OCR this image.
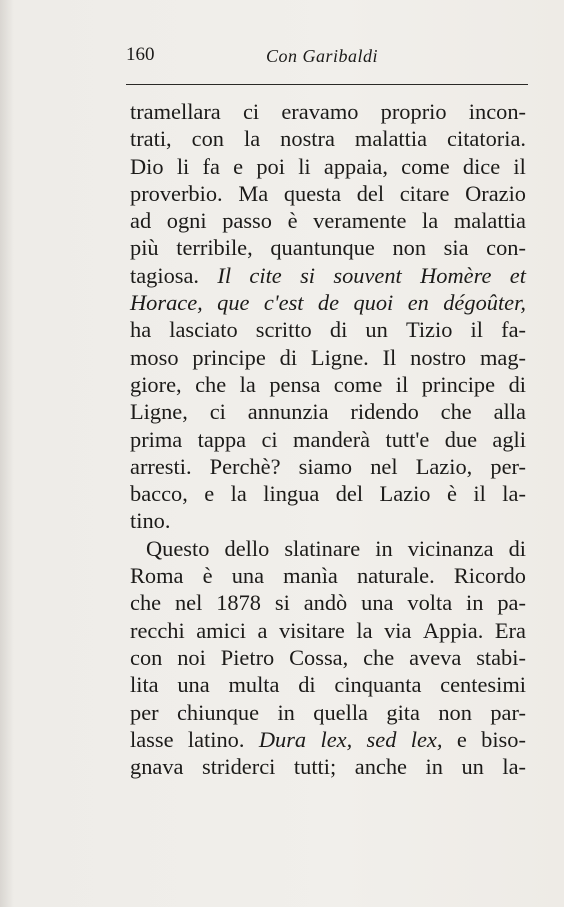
160	Con Garibaldi
tramellara ci eravamo proprio incon-
trati, con la nostra malattia citatoria.
Dio li fa e poi li appaia, come dice il
proverbio. Ma questa del citare Orazio
ad ogni passo è veramente la malattia
più terribile, quantunque non sia con-
tagiosa. Il cite si souvent Homère et
Horace, que c'est de quoi en dégoûter,
ha lasciato scritto di un Tizio il fa-
moso principe di Ligne. Il nostro mag-
giore, che la pensa come il principe di
Ligne, ci annunzia ridendo che alla
prima tappa ci manderà tutt'e due agli
arresti. Perchè? siamo nel Lazio, per-
bacco, e la lingua del Lazio è il la-
tino.
Questo dello slatinare in vicinanza di
Roma è una manìa naturale. Ricordo
che nel 1878 si andò una volta in pa-
recchi amici a visitare la via Appia. Era
con noi Pietro Cossa, che aveva stabi-
lita una multa di cinquanta centesimi
per chiunque in quella gita non par-
lasse latino. Dura lex, sed lex, e biso-
gnava striderci tutti; anche in un la-
